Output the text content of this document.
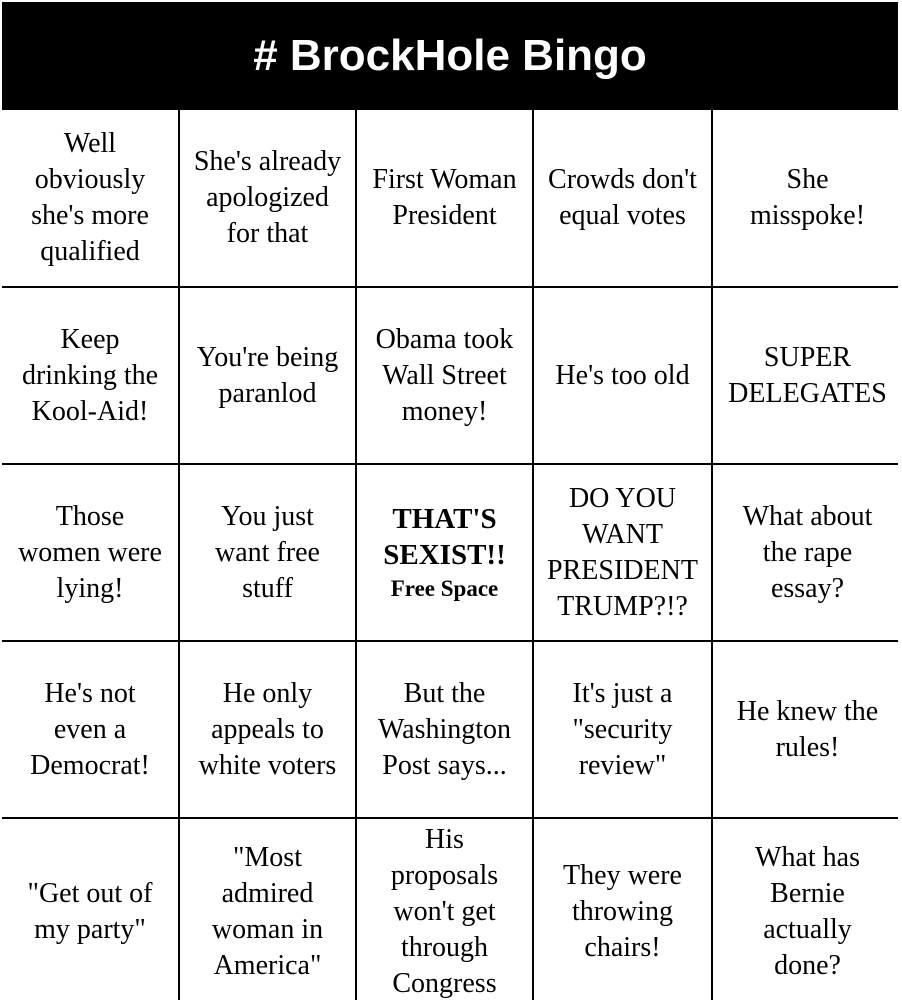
# BrockHole Bingo
Well
obviously
she's more
qualified
She's already
apologized
for that
First Woman
President
Crowds don't
equal votes
She
misspoke!
Keep
drinking the
Kool-Aid!
You're being
paranlod
Obama took
Wall Street
money!
He's too old
SUPER
DELEGATES
Those
women were
lying!
You just
want free
stuff
THAT'S
SEXIST!!
Free Space
DO YOU
WANT
PRESIDENT
TRUMP?!?
What about
the rape
essay?
He's not
even a
Democrat!
He only
appeals to
white voters
But the
Washington
Post says...
It's just a
"security
review"
He knew the
rules!
"Get out of
my party"
"Most
admired
woman in
America"
His
proposals
won't get
through
Congress
They were
throwing
chairs!
What has
Bernie
actually
done?
